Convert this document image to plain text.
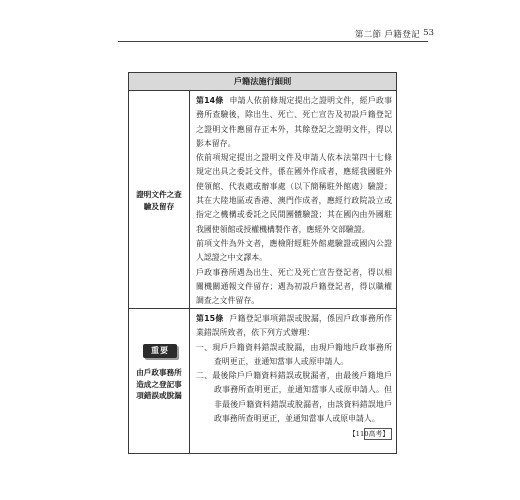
第二節 戶籍登記 53
戶籍法施行細則
證明文件之查
驗及留存

第14條 申請人依前條規定提出之證明文件，經戶政事務所查驗後，除出生、死亡、死亡宣告及初設戶籍登記之證明文件應留存正本外，其餘登記之證明文件，得以影本留存。

依前項規定提出之證明文件及申請人依本法第四十七條規定出具之委託文件，係在國外作成者，應經我國駐外使領館、代表處或辦事處（以下簡稱駐外館處）驗證；其在大陸地區或香港、澳門作成者，應經行政院設立或指定之機構或委託之民間團體驗證；其在國內由外國駐我國使領館或授權機構製作者，應經外交部驗證。

前項文件為外文者，應檢附經駐外館處驗證或國內公證人認證之中文譯本。

戶政事務所遇為出生、死亡及死亡宣告登記者，得以相關機關通報文件留存；遇為初設戶籍登記者，得以職權調查之文件留存。

重要
由戶政事務所
造成之登記事
項錯誤或脫漏

第15條 戶籍登記事項錯誤或脫漏，係因戶政事務所作業錯誤所致者，依下列方式辦理：

一、現戶戶籍資料錯誤或脫漏，由現戶籍地戶政事務所查明更正，並通知當事人或原申請人。

二、最後除戶戶籍資料錯誤或脫漏者，由最後戶籍地戶政事務所查明更正，並通知當事人或原申請人。但非最後戶籍資料錯誤或脫漏者，由該資料錯誤地戶政事務所查明更正，並通知當事人或原申請人。
【110高考】
